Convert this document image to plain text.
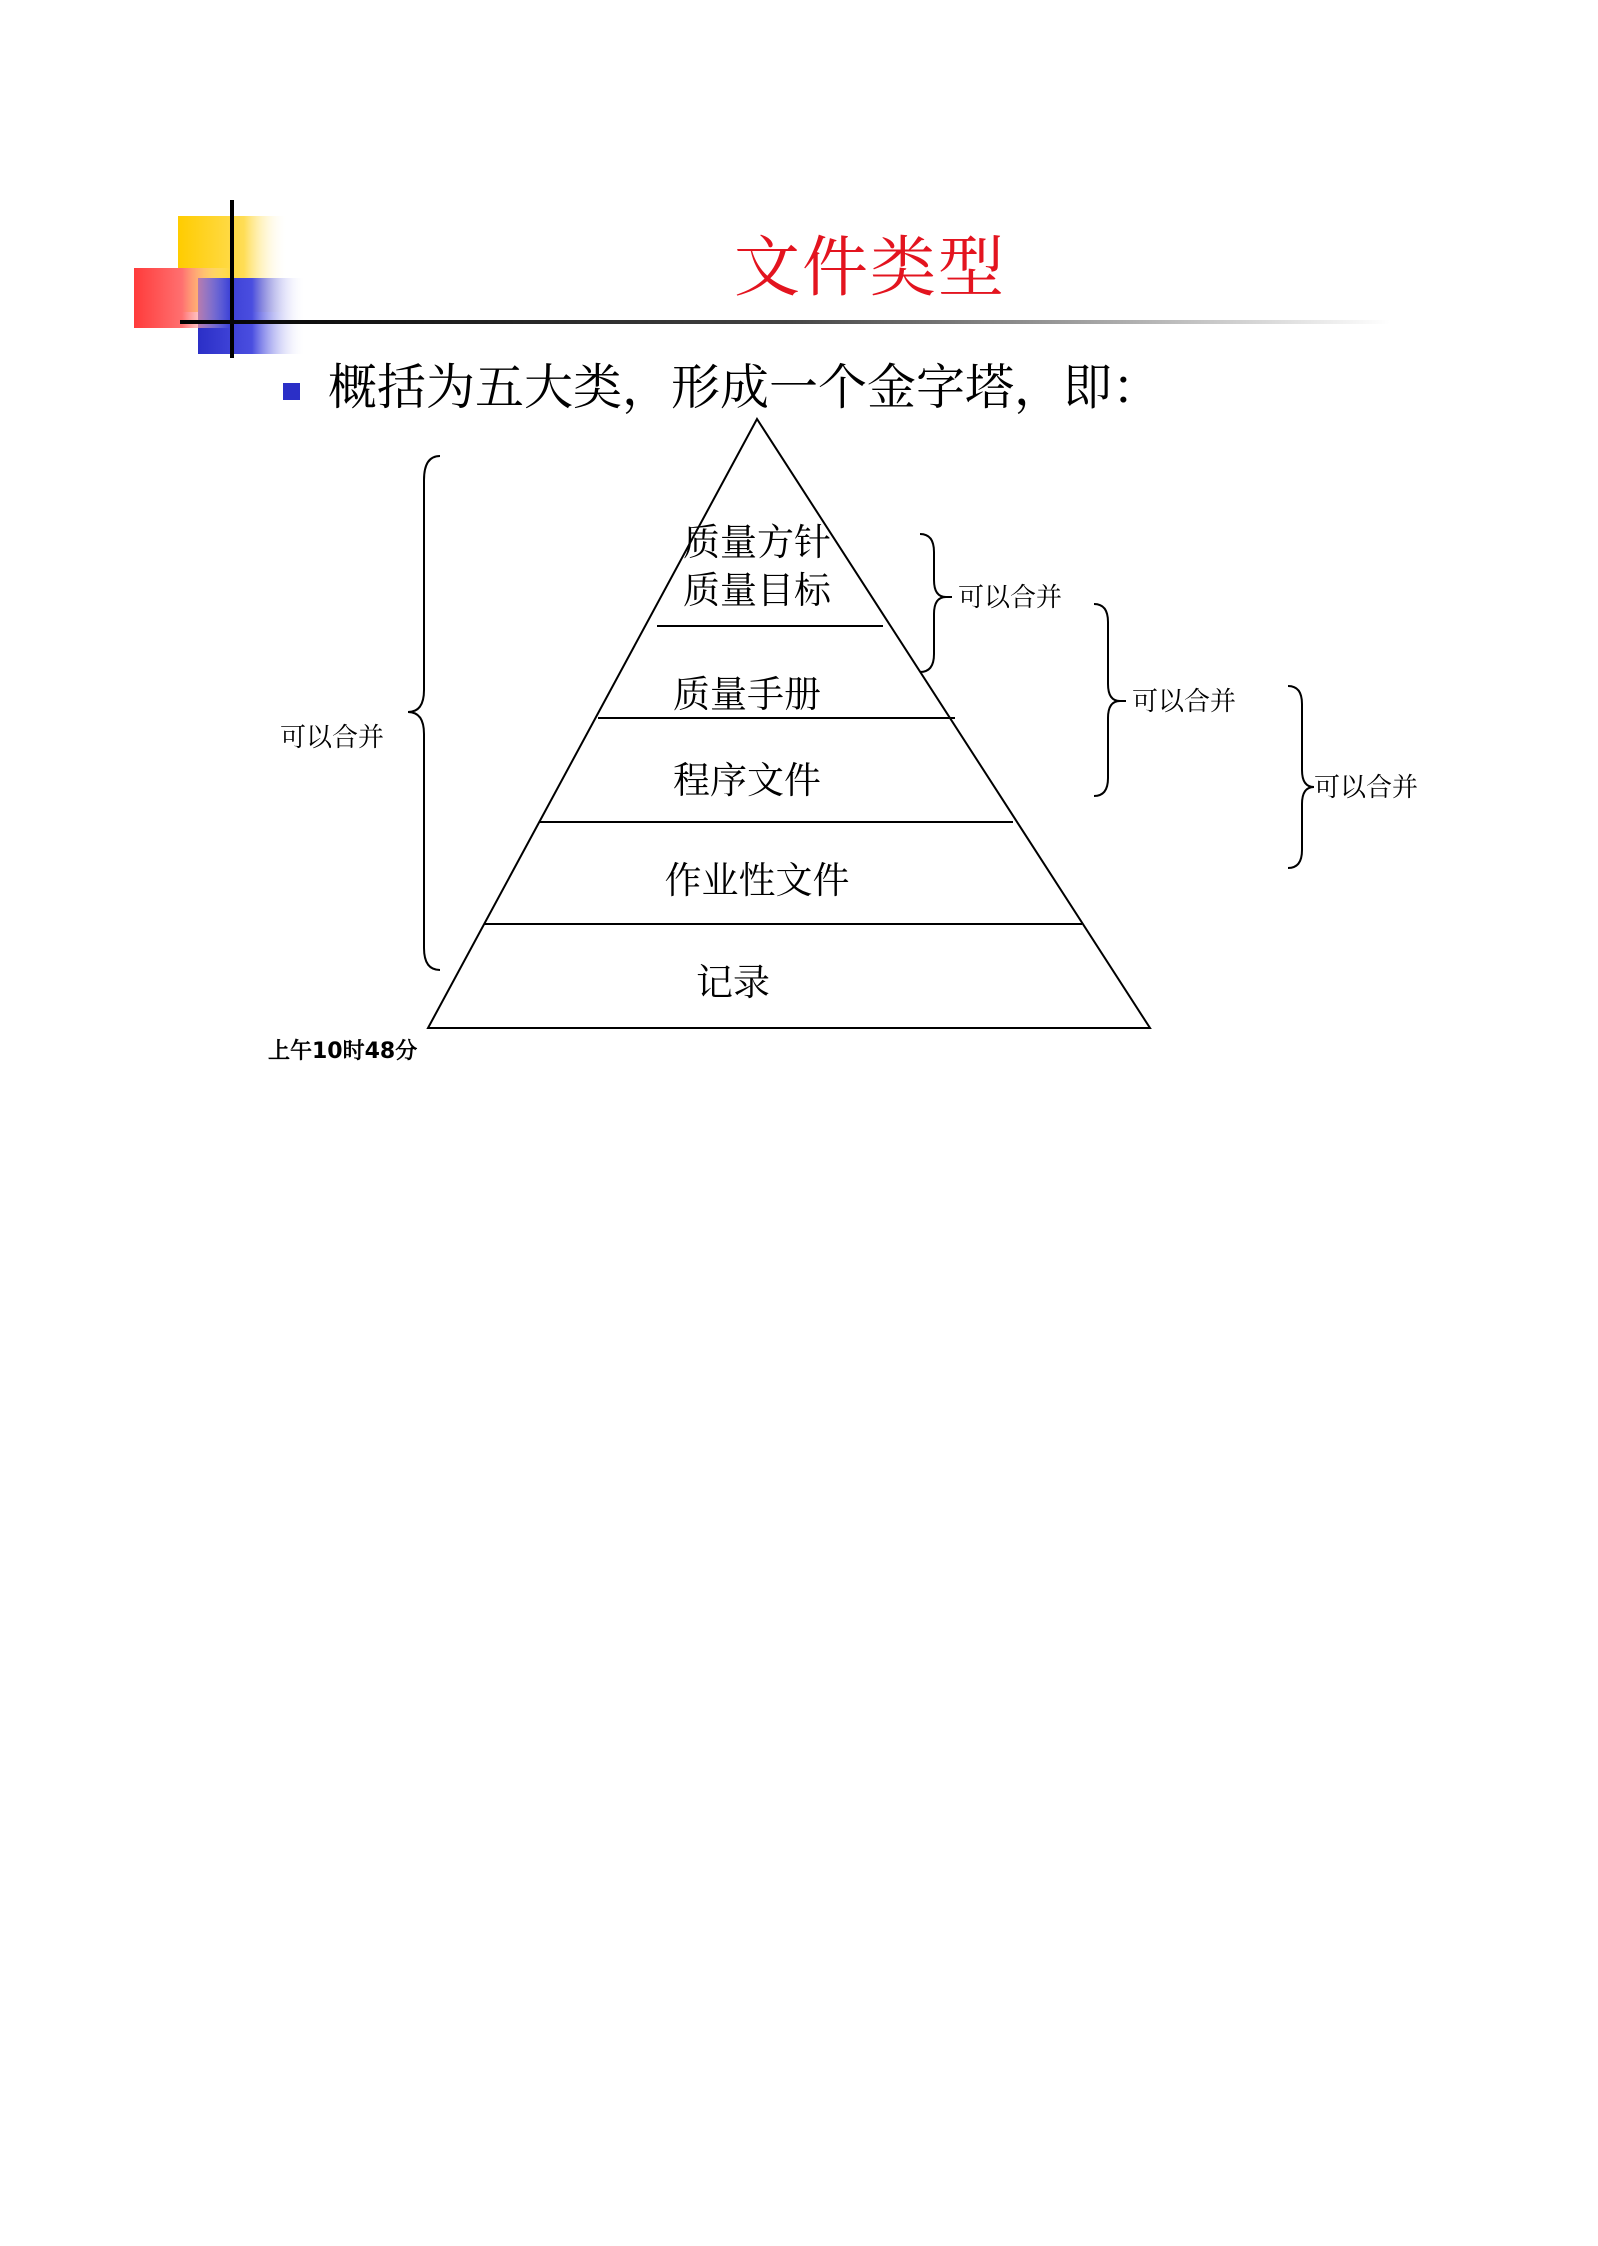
文件类型
概括为五大类，形成一个金字塔，即：
质量方针
质量目标
质量手册
程序文件
作业性文件
记录
可以合并
可以合并
可以合并
可以合并
上午10时48分
